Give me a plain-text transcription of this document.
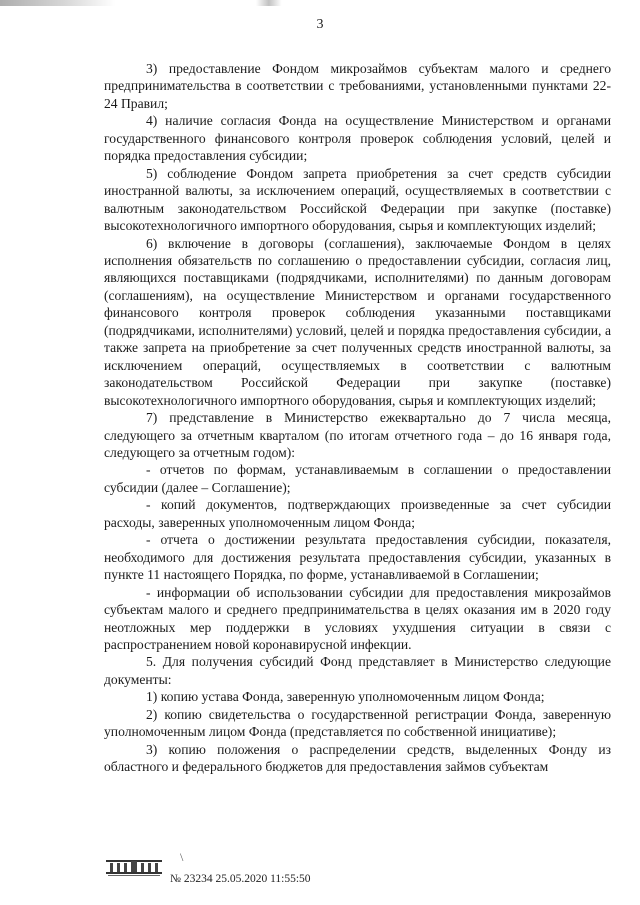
3

3) предоставление Фондом микрозаймов субъектам малого и среднего предпринимательства в соответствии с требованиями, установленными пунктами 22-24 Правил;

4) наличие согласия Фонда на осуществление Министерством и органами государственного финансового контроля проверок соблюдения условий, целей и порядка предоставления субсидии;

5) соблюдение Фондом запрета приобретения за счет средств субсидии иностранной валюты, за исключением операций, осуществляемых в соответствии с валютным законодательством Российской Федерации при закупке (поставке) высокотехнологичного импортного оборудования, сырья и комплектующих изделий;

6) включение в договоры (соглашения), заключаемые Фондом в целях исполнения обязательств по соглашению о предоставлении субсидии, согласия лиц, являющихся поставщиками (подрядчиками, исполнителями) по данным договорам (соглашениям), на осуществление Министерством и органами государственного финансового контроля проверок соблюдения указанными поставщиками (подрядчиками, исполнителями) условий, целей и порядка предоставления субсидии, а также запрета на приобретение за счет полученных средств иностранной валюты, за исключением операций, осуществляемых в соответствии с валютным законодательством Российской Федерации при закупке (поставке) высокотехнологичного импортного оборудования, сырья и комплектующих изделий;

7) представление в Министерство ежеквартально до 7 числа месяца, следующего за отчетным кварталом (по итогам отчетного года – до 16 января года, следующего за отчетным годом):

- отчетов по формам, устанавливаемым в соглашении о предоставлении субсидии (далее – Соглашение);

- копий документов, подтверждающих произведенные за счет субсидии расходы, заверенных уполномоченным лицом Фонда;

- отчета о достижении результата предоставления субсидии, показателя, необходимого для достижения результата предоставления субсидии, указанных в пункте 11 настоящего Порядка, по форме, устанавливаемой в Соглашении;

- информации об использовании субсидии для предоставления микрозаймов субъектам малого и среднего предпринимательства в целях оказания им в 2020 году неотложных мер поддержки в условиях ухудшения ситуации в связи с распространением новой коронавирусной инфекции.

5. Для получения субсидий Фонд представляет в Министерство следующие документы:

1) копию устава Фонда, заверенную уполномоченным лицом Фонда;

2) копию свидетельства о государственной регистрации Фонда, заверенную уполномоченным лицом Фонда (представляется по собственной инициативе);

3) копию положения о распределении средств, выделенных Фонду из областного и федерального бюджетов для предоставления займов субъектам

\
№ 23234 25.05.2020 11:55:50
